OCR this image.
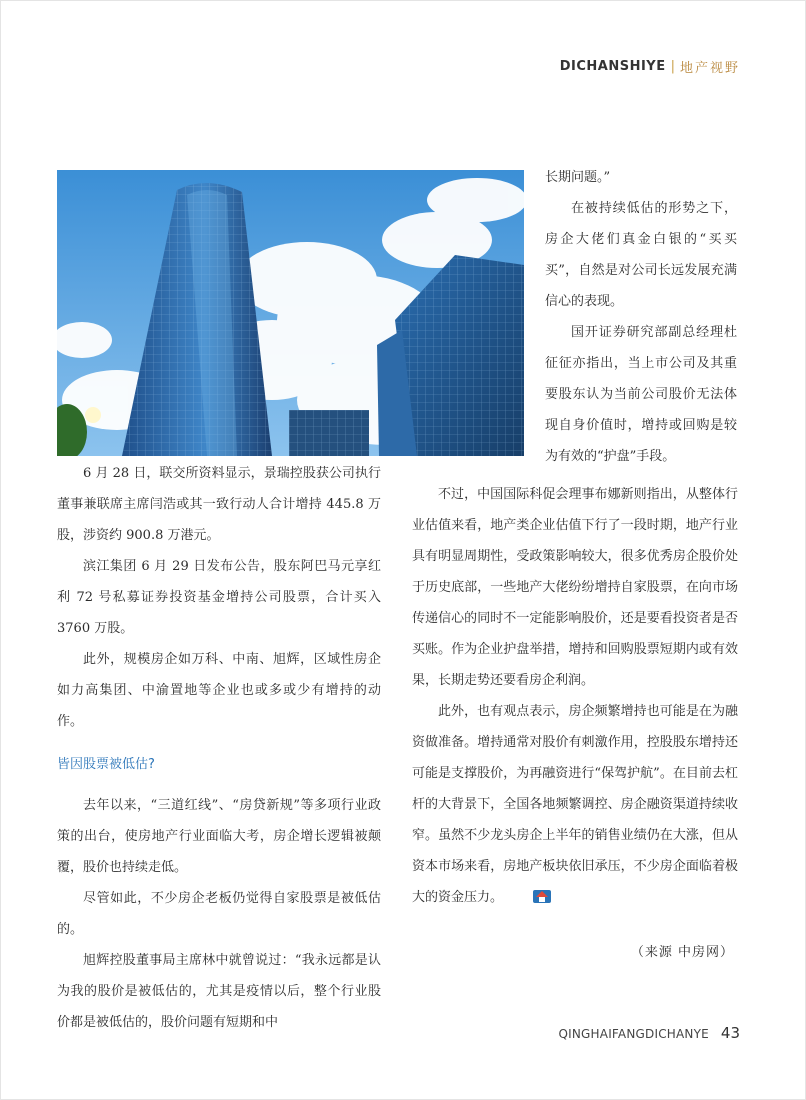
DICHANSHIYE | 地产视野

长期问题。”

在被持续低估的形势之下，房企大佬们真金白银的“买买买”，自然是对公司长远发展充满信心的表现。

国开证券研究部副总经理杜征征亦指出，当上市公司及其重要股东认为当前公司股价无法体现自身价值时，增持或回购是较为有效的“护盘”手段。

6 月 28 日，联交所资料显示，景瑞控股获公司执行董事兼联席主席闫浩或其一致行动人合计增持 445.8 万股，涉资约 900.8 万港元。

滨江集团 6 月 29 日发布公告，股东阿巴马元享红利 72 号私募证券投资基金增持公司股票，合计买入 3760 万股。

此外，规模房企如万科、中南、旭辉，区域性房企如力高集团、中渝置地等企业也或多或少有增持的动作。

皆因股票被低估?

去年以来，“三道红线”、“房贷新规”等多项行业政策的出台，使房地产行业面临大考，房企增长逻辑被颠覆，股价也持续走低。

尽管如此，不少房企老板仍觉得自家股票是被低估的。

旭辉控股董事局主席林中就曾说过：“我永远都是认为我的股价是被低估的，尤其是疫情以后，整个行业股价都是被低估的，股价问题有短期和中

不过，中国国际科促会理事布娜新则指出，从整体行业估值来看，地产类企业估值下行了一段时期，地产行业具有明显周期性，受政策影响较大，很多优秀房企股价处于历史底部，一些地产大佬纷纷增持自家股票，在向市场传递信心的同时不一定能影响股价，还是要看投资者是否买账。作为企业护盘举措，增持和回购股票短期内或有效果，长期走势还要看房企利润。

此外，也有观点表示，房企频繁增持也可能是在为融资做准备。增持通常对股价有刺激作用，控股股东增持还可能是支撑股价，为再融资进行“保驾护航”。在目前去杠杆的大背景下，全国各地频繁调控、房企融资渠道持续收窄。虽然不少龙头房企上半年的销售业绩仍在大涨，但从资本市场来看，房地产板块依旧承压，不少房企面临着极大的资金压力。

（来源 中房网）
QINGHAIFANGDICHANYE 43
